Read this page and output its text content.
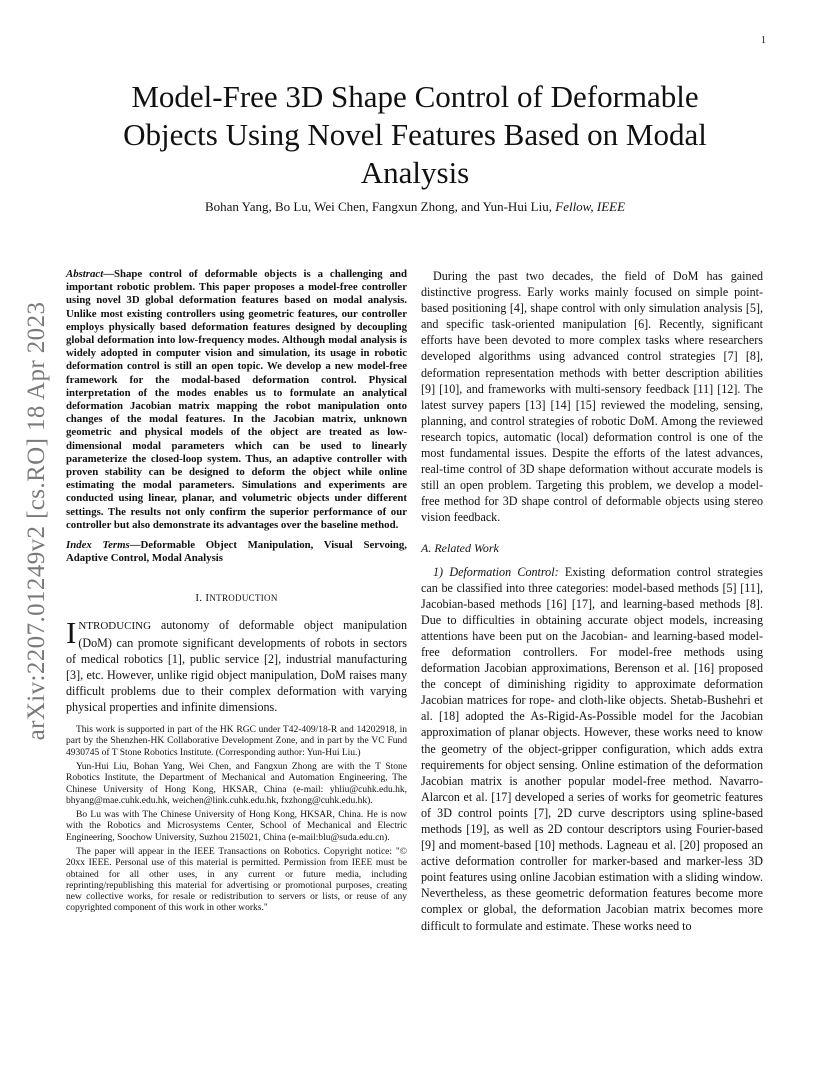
1
arXiv:2207.01249v2 [cs.RO] 18 Apr 2023
Model-Free 3D Shape Control of Deformable
Objects Using Novel Features Based on Modal
Analysis
Bohan Yang, Bo Lu, Wei Chen, Fangxun Zhong, and Yun-Hui Liu, Fellow, IEEE

Abstract—Shape control of deformable objects is a challenging and important robotic problem. This paper proposes a model-free controller using novel 3D global deformation features based on modal analysis. Unlike most existing controllers using geometric features, our controller employs physically based deformation features designed by decoupling global deformation into low-frequency modes. Although modal analysis is widely adopted in computer vision and simulation, its usage in robotic deformation control is still an open topic. We develop a new model-free framework for the modal-based deformation control. Physical interpretation of the modes enables us to formulate an analytical deformation Jacobian matrix mapping the robot manipulation onto changes of the modal features. In the Jacobian matrix, unknown geometric and physical models of the object are treated as low-dimensional modal parameters which can be used to linearly parameterize the closed-loop system. Thus, an adaptive controller with proven stability can be designed to deform the object while online estimating the modal parameters. Simulations and experiments are conducted using linear, planar, and volumetric objects under different settings. The results not only confirm the superior performance of our controller but also demonstrate its advantages over the baseline method.

Index Terms—Deformable Object Manipulation, Visual Servoing, Adaptive Control, Modal Analysis

I. INTRODUCTION

INTRODUCING autonomy of deformable object manipulation (DoM) can promote significant developments of robots in sectors of medical robotics [1], public service [2], industrial manufacturing [3], etc. However, unlike rigid object manipulation, DoM raises many difficult problems due to their complex deformation with varying physical properties and infinite dimensions.

This work is supported in part of the HK RGC under T42-409/18-R and 14202918, in part by the Shenzhen-HK Collaborative Development Zone, and in part by the VC Fund 4930745 of T Stone Robotics Institute. (Corresponding author: Yun-Hui Liu.)

Yun-Hui Liu, Bohan Yang, Wei Chen, and Fangxun Zhong are with the T Stone Robotics Institute, the Department of Mechanical and Automation Engineering, The Chinese University of Hong Kong, HKSAR, China (e-mail: yhliu@cuhk.edu.hk, bhyang@mae.cuhk.edu.hk, weichen@link.cuhk.edu.hk, fxzhong@cuhk.edu.hk).

Bo Lu was with The Chinese University of Hong Kong, HKSAR, China. He is now with the Robotics and Microsystems Center, School of Mechanical and Electric Engineering, Soochow University, Suzhou 215021, China (e-mail:blu@suda.edu.cn).

The paper will appear in the IEEE Transactions on Robotics. Copyright notice: "© 20xx IEEE. Personal use of this material is permitted. Permission from IEEE must be obtained for all other uses, in any current or future media, including reprinting/republishing this material for advertising or promotional purposes, creating new collective works, for resale or redistribution to servers or lists, or reuse of any copyrighted component of this work in other works."

During the past two decades, the field of DoM has gained distinctive progress. Early works mainly focused on simple point-based positioning [4], shape control with only simulation analysis [5], and specific task-oriented manipulation [6]. Recently, significant efforts have been devoted to more complex tasks where researchers developed algorithms using advanced control strategies [7] [8], deformation representation methods with better description abilities [9] [10], and frameworks with multi-sensory feedback [11] [12]. The latest survey papers [13] [14] [15] reviewed the modeling, sensing, planning, and control strategies of robotic DoM. Among the reviewed research topics, automatic (local) deformation control is one of the most fundamental issues. Despite the efforts of the latest advances, real-time control of 3D shape deformation without accurate models is still an open problem. Targeting this problem, we develop a model-free method for 3D shape control of deformable objects using stereo vision feedback.

A. Related Work

1) Deformation Control: Existing deformation control strategies can be classified into three categories: model-based methods [5] [11], Jacobian-based methods [16] [17], and learning-based methods [8]. Due to difficulties in obtaining accurate object models, increasing attentions have been put on the Jacobian- and learning-based model-free deformation controllers. For model-free methods using deformation Jacobian approximations, Berenson et al. [16] proposed the concept of diminishing rigidity to approximate deformation Jacobian matrices for rope- and cloth-like objects. Shetab-Bushehri et al. [18] adopted the As-Rigid-As-Possible model for the Jacobian approximation of planar objects. However, these works need to know the geometry of the object-gripper configuration, which adds extra requirements for object sensing. Online estimation of the deformation Jacobian matrix is another popular model-free method. Navarro-Alarcon et al. [17] developed a series of works for geometric features of 3D control points [7], 2D curve descriptors using spline-based methods [19], as well as 2D contour descriptors using Fourier-based [9] and moment-based [10] methods. Lagneau et al. [20] proposed an active deformation controller for marker-based and marker-less 3D point features using online Jacobian estimation with a sliding window. Nevertheless, as these geometric deformation features become more complex or global, the deformation Jacobian matrix becomes more difficult to formulate and estimate. These works need to
